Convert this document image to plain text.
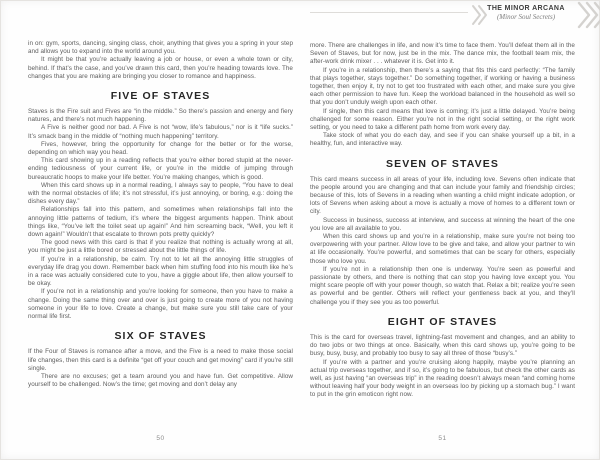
in on: gym, sports, dancing, singing class, choir, anything that gives you a spring in your step and allows you to expand into the world around you.

It might be that you’re actually leaving a job or house, or even a whole town or city, behind. If that’s the case, and you’ve drawn this card, then you’re heading towards love. The changes that you are making are bringing you closer to romance and happiness.

FIVE OF STAVES

Staves is the Fire suit and Fives are “in the middle.” So there’s passion and energy and fiery natures, and there’s not much happening.

A Five is neither good nor bad. A Five is not “wow, life’s fabulous,” nor is it “life sucks.” It’s smack bang in the middle of “nothing much happening” territory.

Fives, however, bring the opportunity for change for the better or for the worse, depending on which way you head.

This card showing up in a reading reflects that you’re either bored stupid at the never-ending tediousness of your current life, or you’re in the middle of jumping through bureaucratic hoops to make your life better. You’re making changes, which is good.

When this card shows up in a normal reading, I always say to people, “You have to deal with the normal obstacles of life; it’s not stressful, it’s just annoying, or boring, e.g.: doing the dishes every day.”

Relationships fall into this pattern, and sometimes when relationships fall into the annoying little patterns of tedium, it’s where the biggest arguments happen. Think about things like, “You’ve left the toilet seat up again!” And him screaming back, “Well, you left it down again!” Wouldn’t that escalate to thrown pots pretty quickly?

The good news with this card is that if you realize that nothing is actually wrong at all, you might be just a little bored or stressed about the little things of life.

If you’re in a relationship, be calm. Try not to let all the annoying little struggles of everyday life drag you down. Remember back when him stuffing food into his mouth like he’s in a race was actually considered cute to you, have a giggle about life, then allow yourself to be okay.

If you’re not in a relationship and you’re looking for someone, then you have to make a change. Doing the same thing over and over is just going to create more of you not having someone in your life to love. Create a change, but make sure you still take care of your normal life first.

SIX OF STAVES

If the Four of Staves is romance after a move, and the Five is a need to make those social life changes, then this card is a definite “get off your couch and get moving” card if you’re still single.

There are no excuses; get a team around you and have fun. Get competitive. Allow yourself to be challenged. Now’s the time; get moving and don’t delay any

50
THE MINOR ARCANA
(Minor Soul Secrets)

more. There are challenges in life, and now it’s time to face them. You’ll defeat them all in the Seven of Staves, but for now, just be in the mix. The dance mix, the football team mix, the after-work drink mixer . . . whatever it is. Get into it.

If you’re in a relationship, then there’s a saying that fits this card perfectly: “The family that plays together, stays together.” Do something together, if working or having a business together, then enjoy it, try not to get too frustrated with each other, and make sure you give each other permission to have fun. Keep the workload balanced in the household as well so that you don’t unduly weigh upon each other.

If single, then this card means that love is coming; it’s just a little delayed. You’re being challenged for some reason. Either you’re not in the right social setting, or the right work setting, or you need to take a different path home from work every day.

Take stock of what you do each day, and see if you can shake yourself up a bit, in a healthy, fun, and interactive way.

SEVEN OF STAVES

This card means success in all areas of your life, including love. Sevens often indicate that the people around you are changing and that can include your family and friendship circles; because of this, lots of Sevens in a reading when wanting a child might indicate adoption, or lots of Sevens when asking about a move is actually a move of homes to a different town or city.

Success in business, success at interview, and success at winning the heart of the one you love are all available to you.

When this card shows up and you’re in a relationship, make sure you’re not being too overpowering with your partner. Allow love to be give and take, and allow your partner to win at life occasionally. You’re powerful, and sometimes that can be scary for others, especially those who love you.

If you’re not in a relationship then one is underway. You’re seen as powerful and passionate by others, and there is nothing that can stop you having love except you. You might scare people off with your power though, so watch that. Relax a bit; realize you’re seen as powerful and be gentler. Others will reflect your gentleness back at you, and they’ll challenge you if they see you as too powerful.

EIGHT OF STAVES

This is the card for overseas travel, lightning-fast movement and changes, and an ability to do two jobs or two things at once. Basically, when this card shows up, you’re going to be busy, busy, busy, and probably too busy to say all three of those “busy’s.”

If you’re with a partner and you’re cruising along happily, maybe you’re planning an actual trip overseas together, and if so, it’s going to be fabulous, but check the other cards as well, as just having “an overseas trip” in the reading doesn’t always mean “and coming home without leaving half your body weight in an overseas loo by picking up a stomach bug.” I want to put in the grin emoticon right now.

51
